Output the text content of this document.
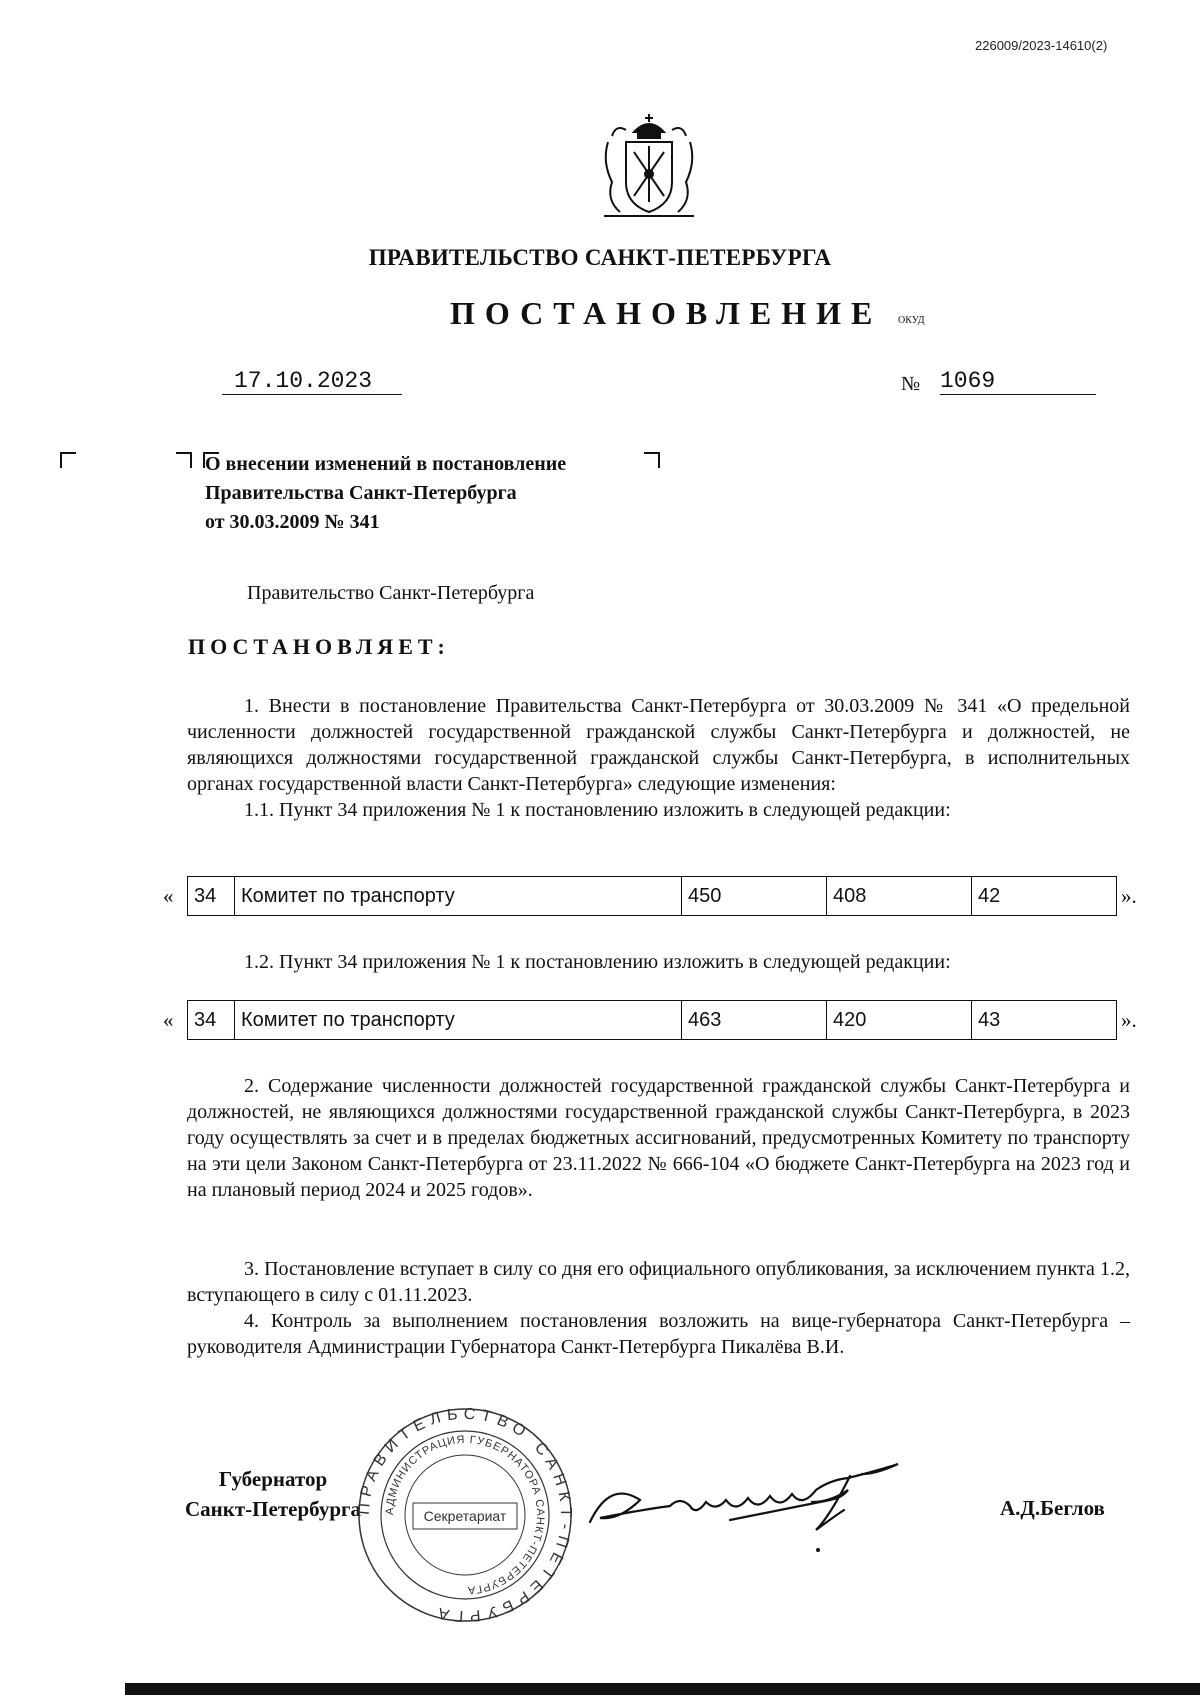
226009/2023-14610(2)
ПРАВИТЕЛЬСТВО САНКТ-ПЕТЕРБУРГА
ПОСТАНОВЛЕНИЕ ОКУД
17.10.2023	№ 1069
О внесении изменений в постановление
Правительства Санкт-Петербурга
от 30.03.2009 № 341
Правительство Санкт-Петербурга
ПОСТАНОВЛЯЕТ:
1. Внести в постановление Правительства Санкт-Петербурга от 30.03.2009 № 341 «О предельной численности должностей государственной гражданской службы Санкт-Петербурга и должностей, не являющихся должностями государственной гражданской службы Санкт-Петербурга, в исполнительных органах государственной власти Санкт-Петербурга» следующие изменения:
1.1. Пункт 34 приложения № 1 к постановлению изложить в следующей редакции:
« 34	Комитет по транспорту	450	408	42	».
1.2. Пункт 34 приложения № 1 к постановлению изложить в следующей редакции:
« 34	Комитет по транспорту	463	420	43	».
2. Содержание численности должностей государственной гражданской службы Санкт-Петербурга и должностей, не являющихся должностями государственной гражданской службы Санкт-Петербурга, в 2023 году осуществлять за счет и в пределах бюджетных ассигнований, предусмотренных Комитету по транспорту на эти цели Законом Санкт-Петербурга от 23.11.2022 № 666-104 «О бюджете Санкт-Петербурга на 2023 год и на плановый период 2024 и 2025 годов».
3. Постановление вступает в силу со дня его официального опубликования, за исключением пункта 1.2, вступающего в силу с 01.11.2023.
4. Контроль за выполнением постановления возложить на вице-губернатора Санкт-Петербурга – руководителя Администрации Губернатора Санкт-Петербурга Пикалёва В.И.
Губернатор
Санкт-Петербурга
ПРАВИТЕЛЬСТВО САНКТ-ПЕТЕРБУРГА
АДМИНИСТРАЦИЯ ГУБЕРНАТОРА САНКТ-ПЕТЕРБУРГА
Секретариат	А.Д.Беглов
